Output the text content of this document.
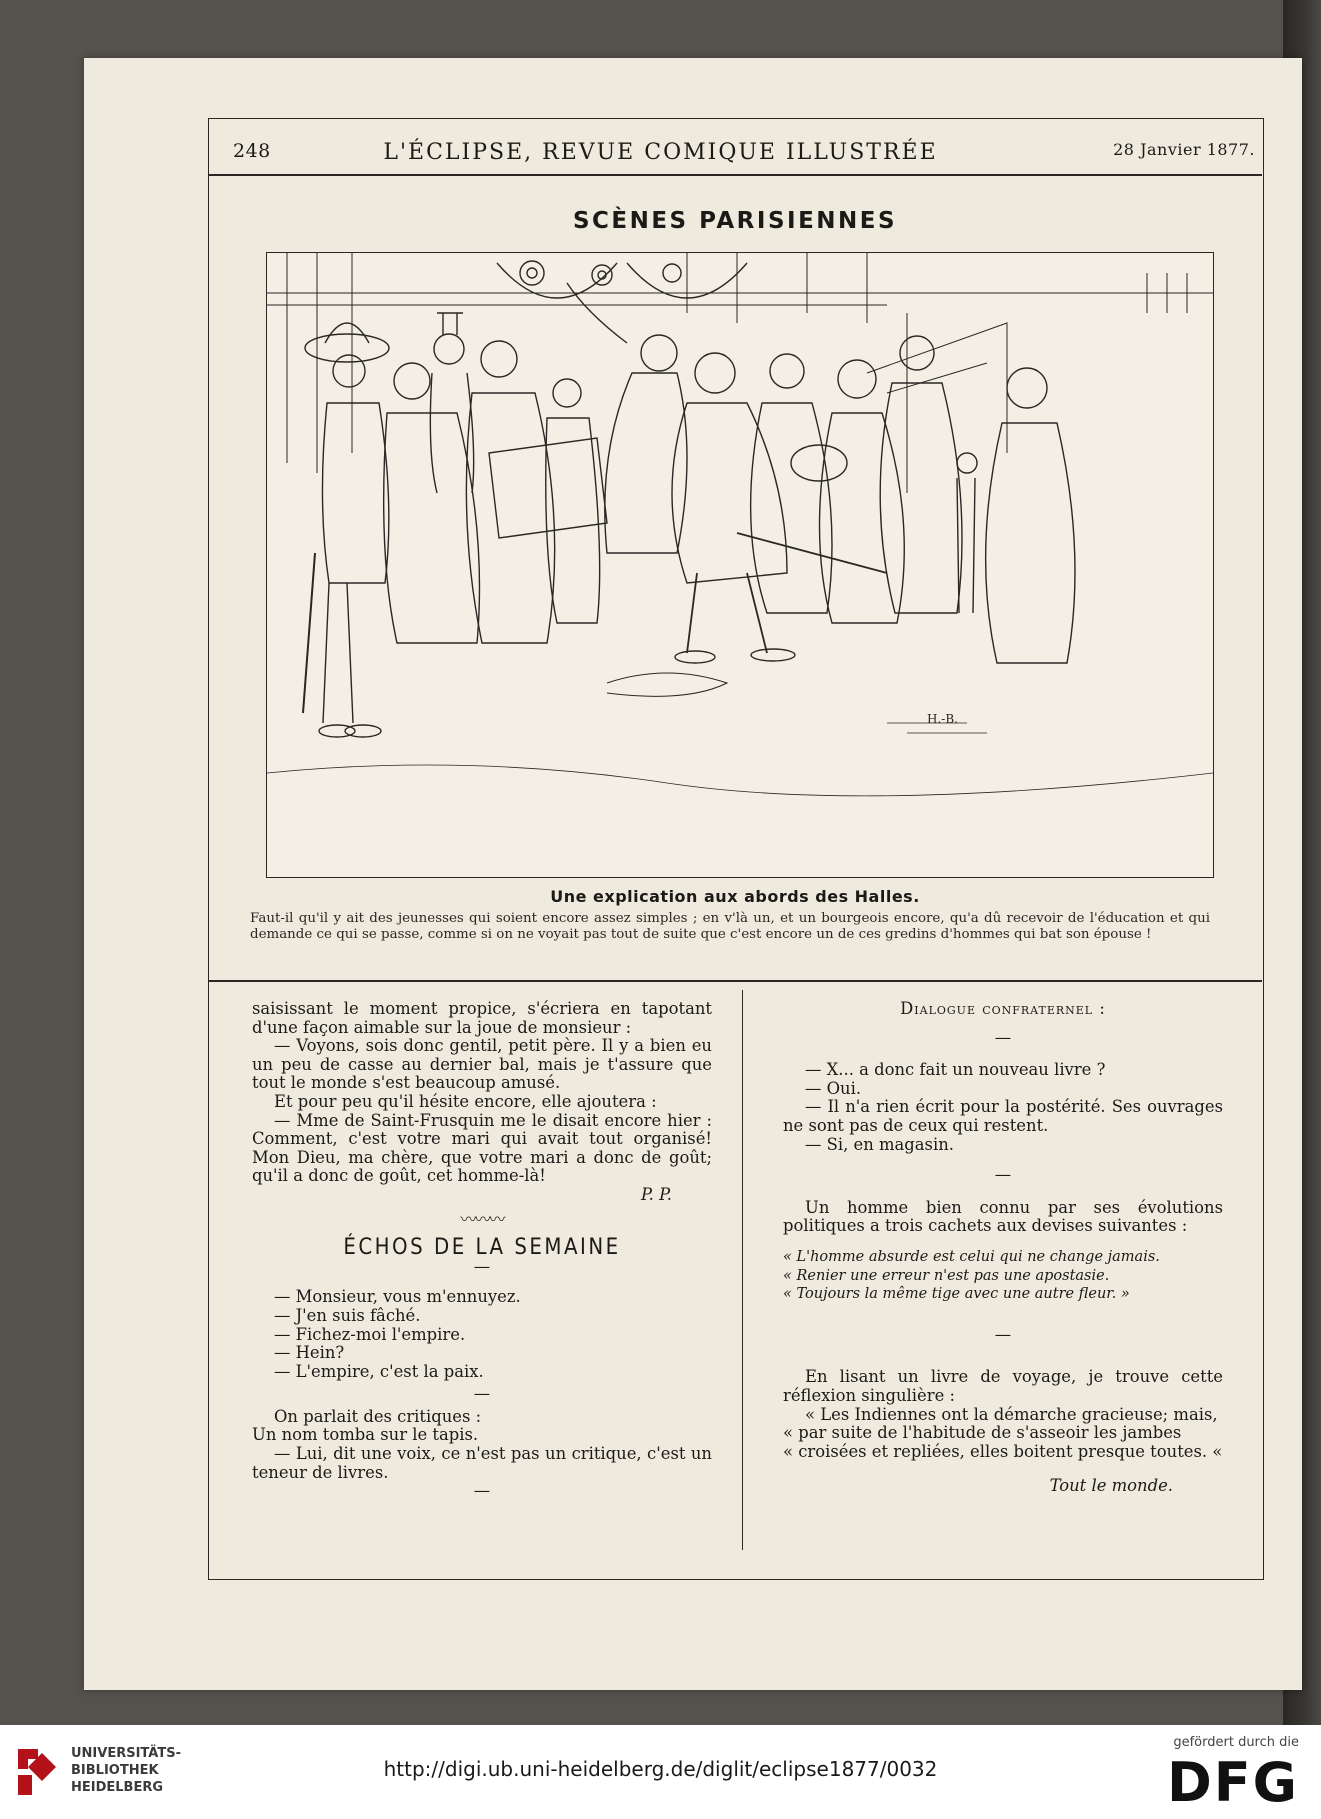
248	L'ÉCLIPSE, REVUE COMIQUE ILLUSTRÉE	28 Janvier 1877.
SCÈNES PARISIENNES
H.-B.
Une explication aux abords des Halles.
Faut-il qu'il y ait des jeunesses qui soient encore assez simples ; en v'là un, et un bourgeois encore, qu'a dû recevoir de l'éducation et qui demande ce qui se passe, comme si on ne voyait pas tout de suite que c'est encore un de ces gredins d'hommes qui bat son épouse !

saisissant le moment propice, s'écriera en tapotant d'une façon aimable sur la joue de monsieur :

— Voyons, sois donc gentil, petit père. Il y a bien eu un peu de casse au dernier bal, mais je t'assure que tout le monde s'est beaucoup amusé.

Et pour peu qu'il hésite encore, elle ajoutera :

— Mme de Saint-Frusquin me le disait encore hier : Comment, c'est votre mari qui avait tout organisé! Mon Dieu, ma chère, que votre mari a donc de goût; qu'il a donc de goût, cet homme-là!

P. P.

〰〰〰

ÉCHOS DE LA SEMAINE

—

— Monsieur, vous m'ennuyez.

— J'en suis fâché.

— Fichez-moi l'empire.

— Hein?

— L'empire, c'est la paix.

—

On parlait des critiques :

Un nom tomba sur le tapis.

— Lui, dit une voix, ce n'est pas un critique, c'est un teneur de livres.

—

Dialogue confraternel :

—

— X... a donc fait un nouveau livre ?

— Oui.

— Il n'a rien écrit pour la postérité. Ses ouvrages ne sont pas de ceux qui restent.

— Si, en magasin.

—

Un homme bien connu par ses évolutions politiques a trois cachets aux devises suivantes :

« L'homme absurde est celui qui ne change jamais.

« Renier une erreur n'est pas une apostasie.

« Toujours la même tige avec une autre fleur. »

—

En lisant un livre de voyage, je trouve cette réflexion singulière :

« Les Indiennes ont la démarche gracieuse; mais,

« par suite de l'habitude de s'asseoir les jambes

« croisées et repliées, elles boitent presque toutes. «

Tout le monde.

UNIVERSITÄTS-
BIBLIOTHEK
HEIDELBERG
http://digi.ub.uni-heidelberg.de/diglit/eclipse1877/0032
gefördert durch die
DFG
